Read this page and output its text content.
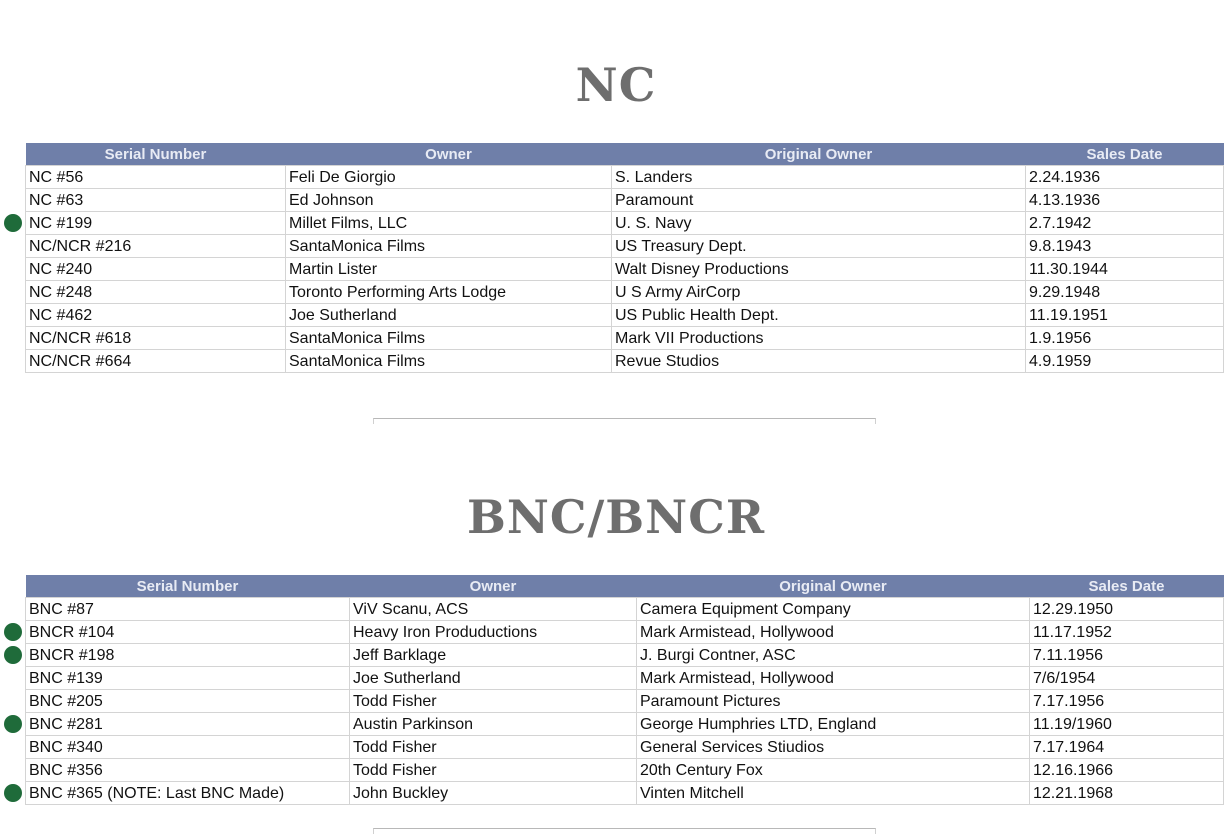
NC
Serial Number	Owner	Original Owner	Sales Date
NC #56	Feli De Giorgio	S. Landers	2.24.1936
NC #63	Ed Johnson	Paramount	4.13.1936

NC #199	Millet Films, LLC	U. S. Navy	2.7.1942
NC/NCR #216	SantaMonica Films	US Treasury Dept.	9.8.1943
NC #240	Martin Lister	Walt Disney Productions	11.30.1944
NC #248	Toronto Performing Arts Lodge	U S Army AirCorp	9.29.1948
NC #462	Joe Sutherland	US Public Health Dept.	11.19.1951
NC/NCR #618	SantaMonica Films	Mark VII Productions	1.9.1956
NC/NCR #664	SantaMonica Films	Revue Studios	4.9.1959
BNC/BNCR
Serial Number	Owner	Original Owner	Sales Date
BNC #87	ViV Scanu, ACS	Camera Equipment Company	12.29.1950

BNCR #104	Heavy Iron Produductions	Mark Armistead, Hollywood	11.17.1952

BNCR #198	Jeff Barklage	J. Burgi Contner, ASC	7.11.1956
BNC #139	Joe Sutherland	Mark Armistead, Hollywood	7/6/1954
BNC #205	Todd Fisher	Paramount Pictures	7.17.1956

BNC #281	Austin Parkinson	George Humphries LTD, England	11.19/1960
BNC #340	Todd Fisher	General Services Stiudios	7.17.1964
BNC #356	Todd Fisher	20th Century Fox	12.16.1966

BNC #365 (NOTE: Last BNC Made)	John Buckley	Vinten Mitchell	12.21.1968
